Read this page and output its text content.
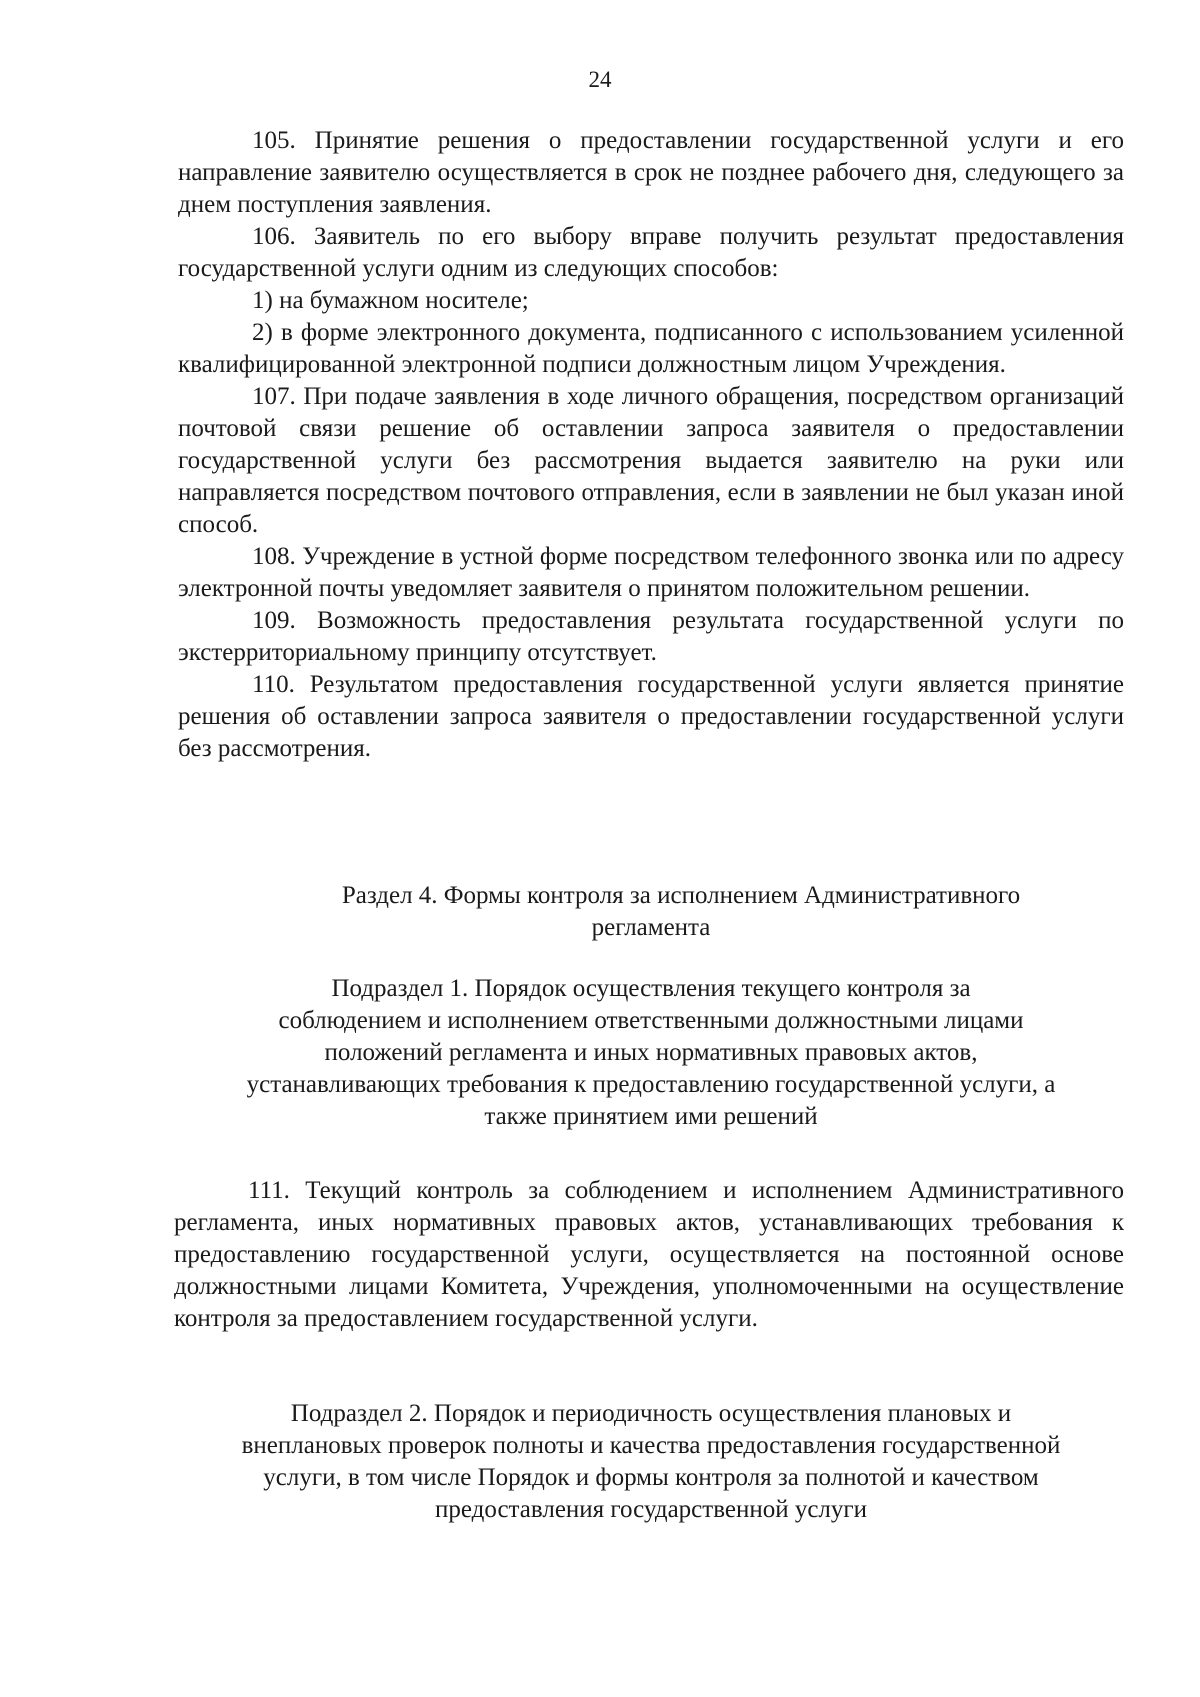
24

105. Принятие решения о предоставлении государственной услуги и его направление заявителю осуществляется в срок не позднее рабочего дня, следующего за днем поступления заявления.

106. Заявитель по его выбору вправе получить результат предоставления государственной услуги одним из следующих способов:

1) на бумажном носителе;

2) в форме электронного документа, подписанного с использованием усиленной квалифицированной электронной подписи должностным лицом Учреждения.

107. При подаче заявления в ходе личного обращения, посредством организаций почтовой связи решение об оставлении запроса заявителя о предоставлении государственной услуги без рассмотрения выдается заявителю на руки или направляется посредством почтового отправления, если в заявлении не был указан иной способ.

108. Учреждение в устной форме посредством телефонного звонка или по адресу электронной почты уведомляет заявителя о принятом положительном решении.

109. Возможность предоставления результата государственной услуги по экстерриториальному принципу отсутствует.

110. Результатом предоставления государственной услуги является принятие решения об оставлении запроса заявителя о предоставлении государственной услуги без рассмотрения.

Раздел 4. Формы контроля за исполнением Административного
регламента
Подраздел 1. Порядок осуществления текущего контроля за
соблюдением и исполнением ответственными должностными лицами
положений регламента и иных нормативных правовых актов,
устанавливающих требования к предоставлению государственной услуги, а
также принятием ими решений

111. Текущий контроль за соблюдением и исполнением Административного регламента, иных нормативных правовых актов, устанавливающих требования к предоставлению государственной услуги, осуществляется на постоянной основе должностными лицами Комитета, Учреждения, уполномоченными на осуществление контроля за предоставлением государственной услуги.

Подраздел 2. Порядок и периодичность осуществления плановых и
внеплановых проверок полноты и качества предоставления государственной
услуги, в том числе Порядок и формы контроля за полнотой и качеством
предоставления государственной услуги
